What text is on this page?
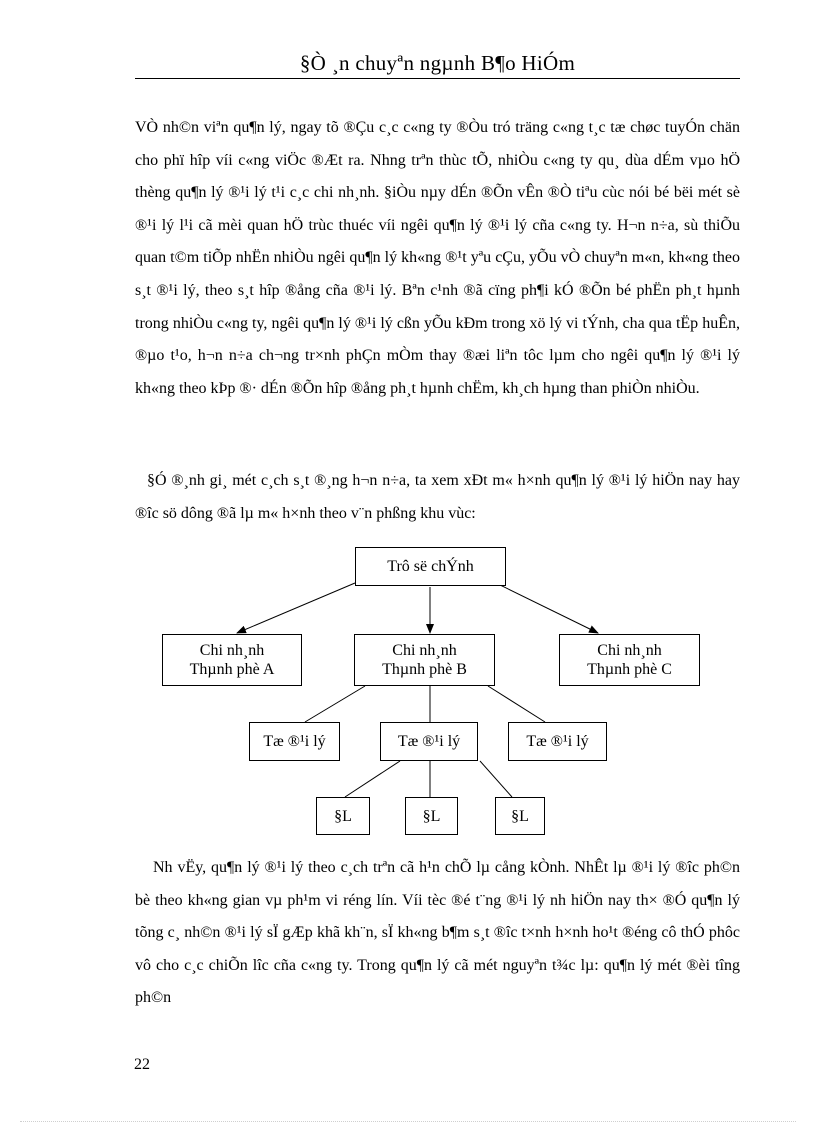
§Ò ¸n chuyªn ngµnh B¶o HiÓm

VÒ nh©n viªn qu¶n lý, ngay tõ ®Çu c¸c c«ng ty ®Òu tró träng c«ng t¸c tæ chøc tuyÓn chän cho phï hîp víi c«ng viÖc ®Æt ra. Nhng trªn thùc tÕ, nhiÒu c«ng ty qu¸ dùa dÉm vµo hÖ thèng qu¶n lý ®¹i lý t¹i c¸c chi nh¸nh. §iÒu nµy dÉn ®Õn vÊn ®Ò tiªu cùc nói bé bëi mét sè ®¹i lý l¹i cã mèi quan hÖ trùc thuéc víi ngêi qu¶n lý ®¹i lý cña c«ng ty. H¬n n÷a, sù thiÕu quan t©m tiÕp nhËn nhiÒu ngêi qu¶n lý kh«ng ®¹t yªu cÇu, yÕu vÒ chuyªn m«n, kh«ng theo s¸t ®¹i lý, theo s¸t hîp ®ång cña ®¹i lý. Bªn c¹nh ®ã cïng ph¶i kÓ ®Õn bé phËn ph¸t hµnh trong nhiÒu c«ng ty, ngêi qu¶n lý ®¹i lý cßn yÕu kÐm trong xö lý vi tÝnh, cha qua tËp huÊn, ®µo t¹o, h¬n n÷a ch¬ng tr×nh phÇn mÒm thay ®æi liªn tôc lµm cho ngêi qu¶n lý ®¹i lý kh«ng theo kÞp ®· dÉn ®Õn hîp ®ång ph¸t hµnh chËm, kh¸ch hµng than phiÒn nhiÒu.

§Ó ®¸nh gi¸ mét c¸ch s¸t ®¸ng h¬n n÷a, ta xem xÐt m« h×nh qu¶n lý ®¹i lý hiÖn nay hay ®îc sö dông ®ã lµ m« h×nh theo v¨n phßng khu vùc:

Trô së chÝnh
Chi nh¸nh
Thµnh phè A
Chi nh¸nh
Thµnh phè B
Chi nh¸nh
Thµnh phè C
Tæ ®¹i lý	Tæ ®¹i lý	Tæ ®¹i lý
§L	§L	§L

Nh vËy, qu¶n lý ®¹i lý theo c¸ch trªn cã h¹n chÕ lµ cång kÒnh. NhÊt lµ ®¹i lý ®îc ph©n bè theo kh«ng gian vµ ph¹m vi réng lín. Víi tèc ®é t¨ng ®¹i lý nh hiÖn nay th× ®Ó qu¶n lý tõng c¸ nh©n ®¹i lý sÏ gÆp khã kh¨n, sÏ kh«ng b¶m s¸t ®îc t×nh h×nh ho¹t ®éng cô thÓ phôc vô cho c¸c chiÕn lîc cña c«ng ty. Trong qu¶n lý cã mét nguyªn t¾c lµ: qu¶n lý mét ®èi tîng ph©n

22
